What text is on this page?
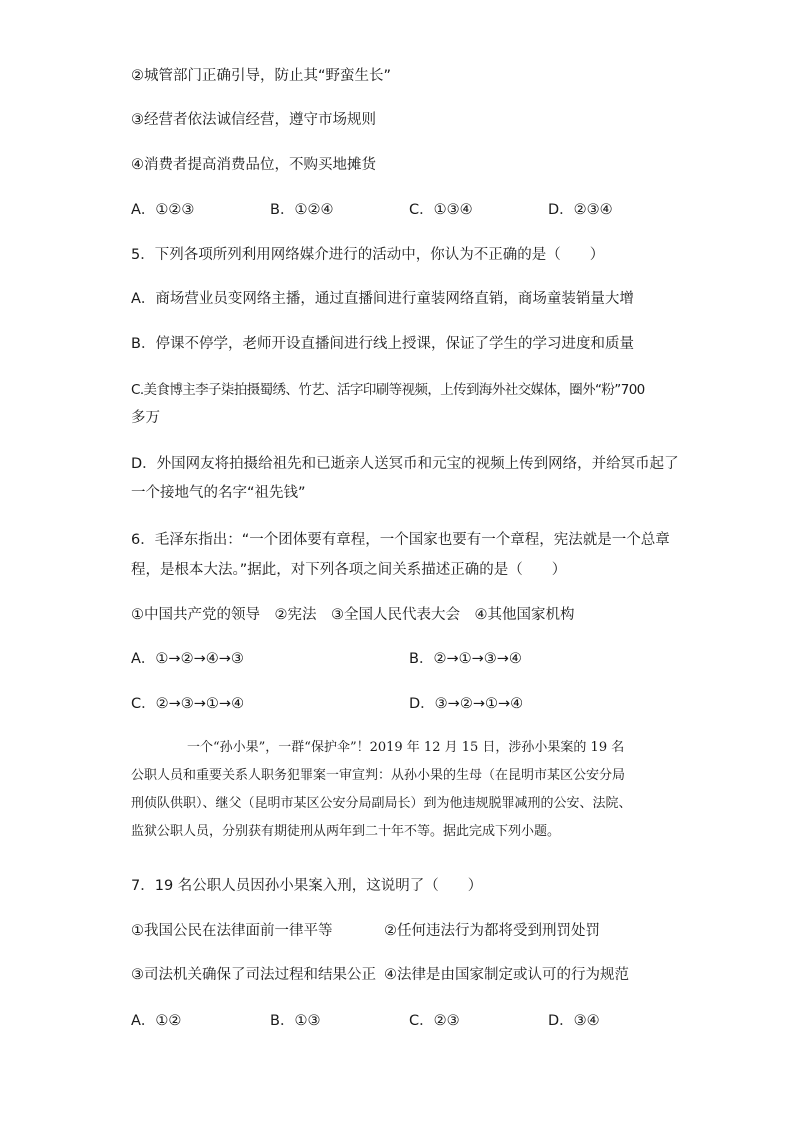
②城管部门正确引导，防止其“野蛮生长”
③经营者依法诚信经营，遵守市场规则
④消费者提高消费品位，不购买地摊货
A．①②③	B．①②④	C．①③④	D．②③④
5．下列各项所列利用网络媒介进行的活动中，你认为不正确的是（　　）
A．商场营业员变网络主播，通过直播间进行童装网络直销，商场童装销量大增
B．停课不停学，老师开设直播间进行线上授课，保证了学生的学习进度和质量
C.美食博主李子柒拍摄蜀绣、竹艺、活字印刷等视频，上传到海外社交媒体，圈外“粉”700
多万
D．外国网友将拍摄给祖先和已逝亲人送冥币和元宝的视频上传到网络，并给冥币起了
一个接地气的名字“祖先钱”
6．毛泽东指出：“一个团体要有章程，一个国家也要有一个章程，宪法就是一个总章
程，是根本大法。”据此，对下列各项之间关系描述正确的是（　　）
①中国共产党的领导　②宪法　③全国人民代表大会　④其他国家机构
A．①→②→④→③	B．②→①→③→④
C．②→③→①→④	D．③→②→①→④
一个“孙小果”，一群“保护伞”！2019 年 12 月 15 日，涉孙小果案的 19 名
公职人员和重要关系人职务犯罪案一审宣判：从孙小果的生母（在昆明市某区公安分局
刑侦队供职）、继父（昆明市某区公安分局副局长）到为他违规脱罪减刑的公安、法院、
监狱公职人员，分别获有期徒刑从两年到二十年不等。据此完成下列小题。
7．19 名公职人员因孙小果案入刑，这说明了（　　）
①我国公民在法律面前一律平等	②任何违法行为都将受到刑罚处罚
③司法机关确保了司法过程和结果公正 ④法律是由国家制定或认可的行为规范
A．①②	B．①③	C．②③	D．③④
